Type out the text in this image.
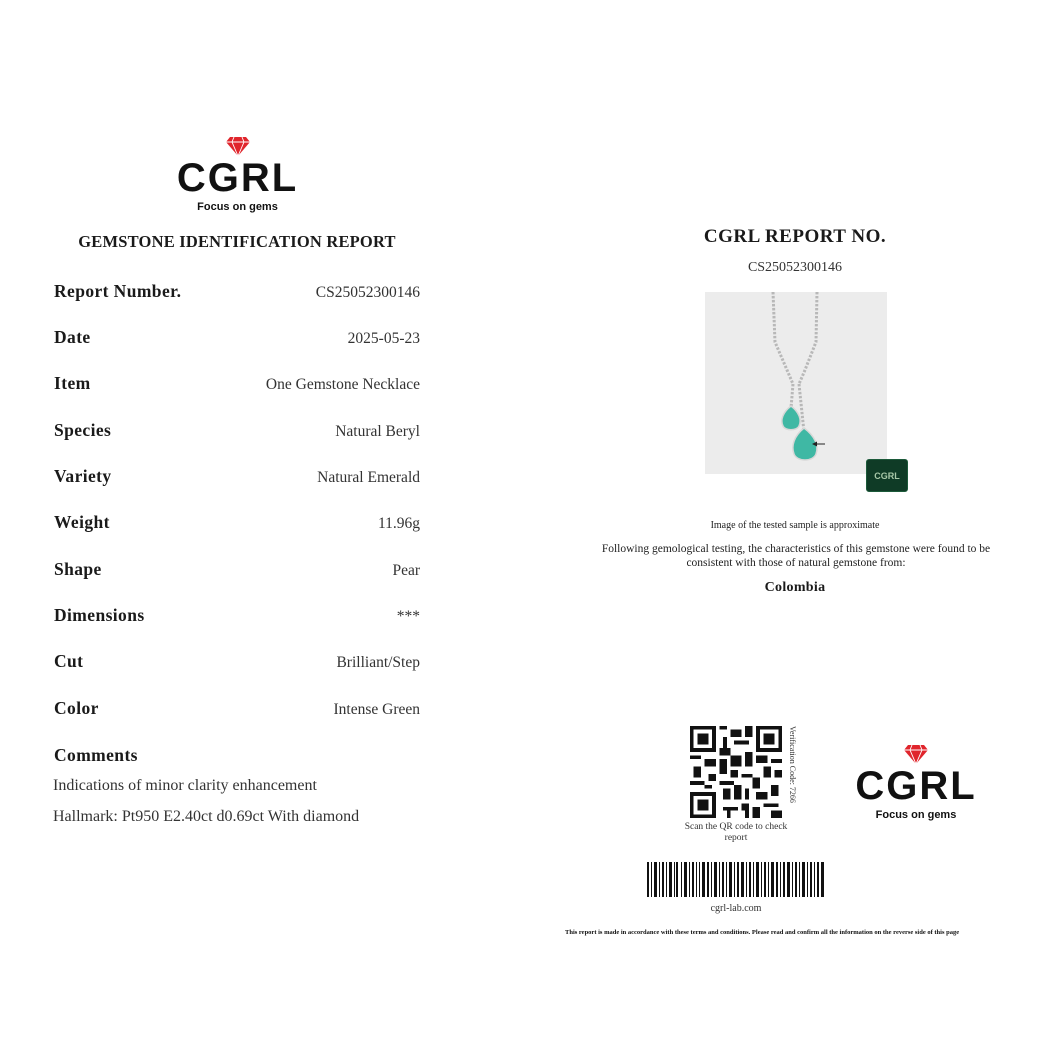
CGRL
Focus on gems
GEMSTONE IDENTIFICATION REPORT
Report Number.	CS25052300146
Date	2025-05-23
Item	One Gemstone Necklace
Species	Natural Beryl
Variety	Natural Emerald
Weight	11.96g
Shape	Pear
Dimensions	***
Cut	Brilliant/Step
Color	Intense Green
Comments
Indications of minor clarity enhancement
Hallmark: Pt950 E2.40ct d0.69ct With diamond
CGRL REPORT NO.
CS25052300146
CGRL
Image of the tested sample is approximate
Following gemological testing, the characteristics of this gemstone were found to be consistent with those of natural gemstone from:
Colombia
Verification Code: 7266
Scan the QR code to check report
cgrl-lab.com
CGRL
Focus on gems
This report is made in accordance with these terms and conditions. Please read and confirm all the information on the reverse side of this page
